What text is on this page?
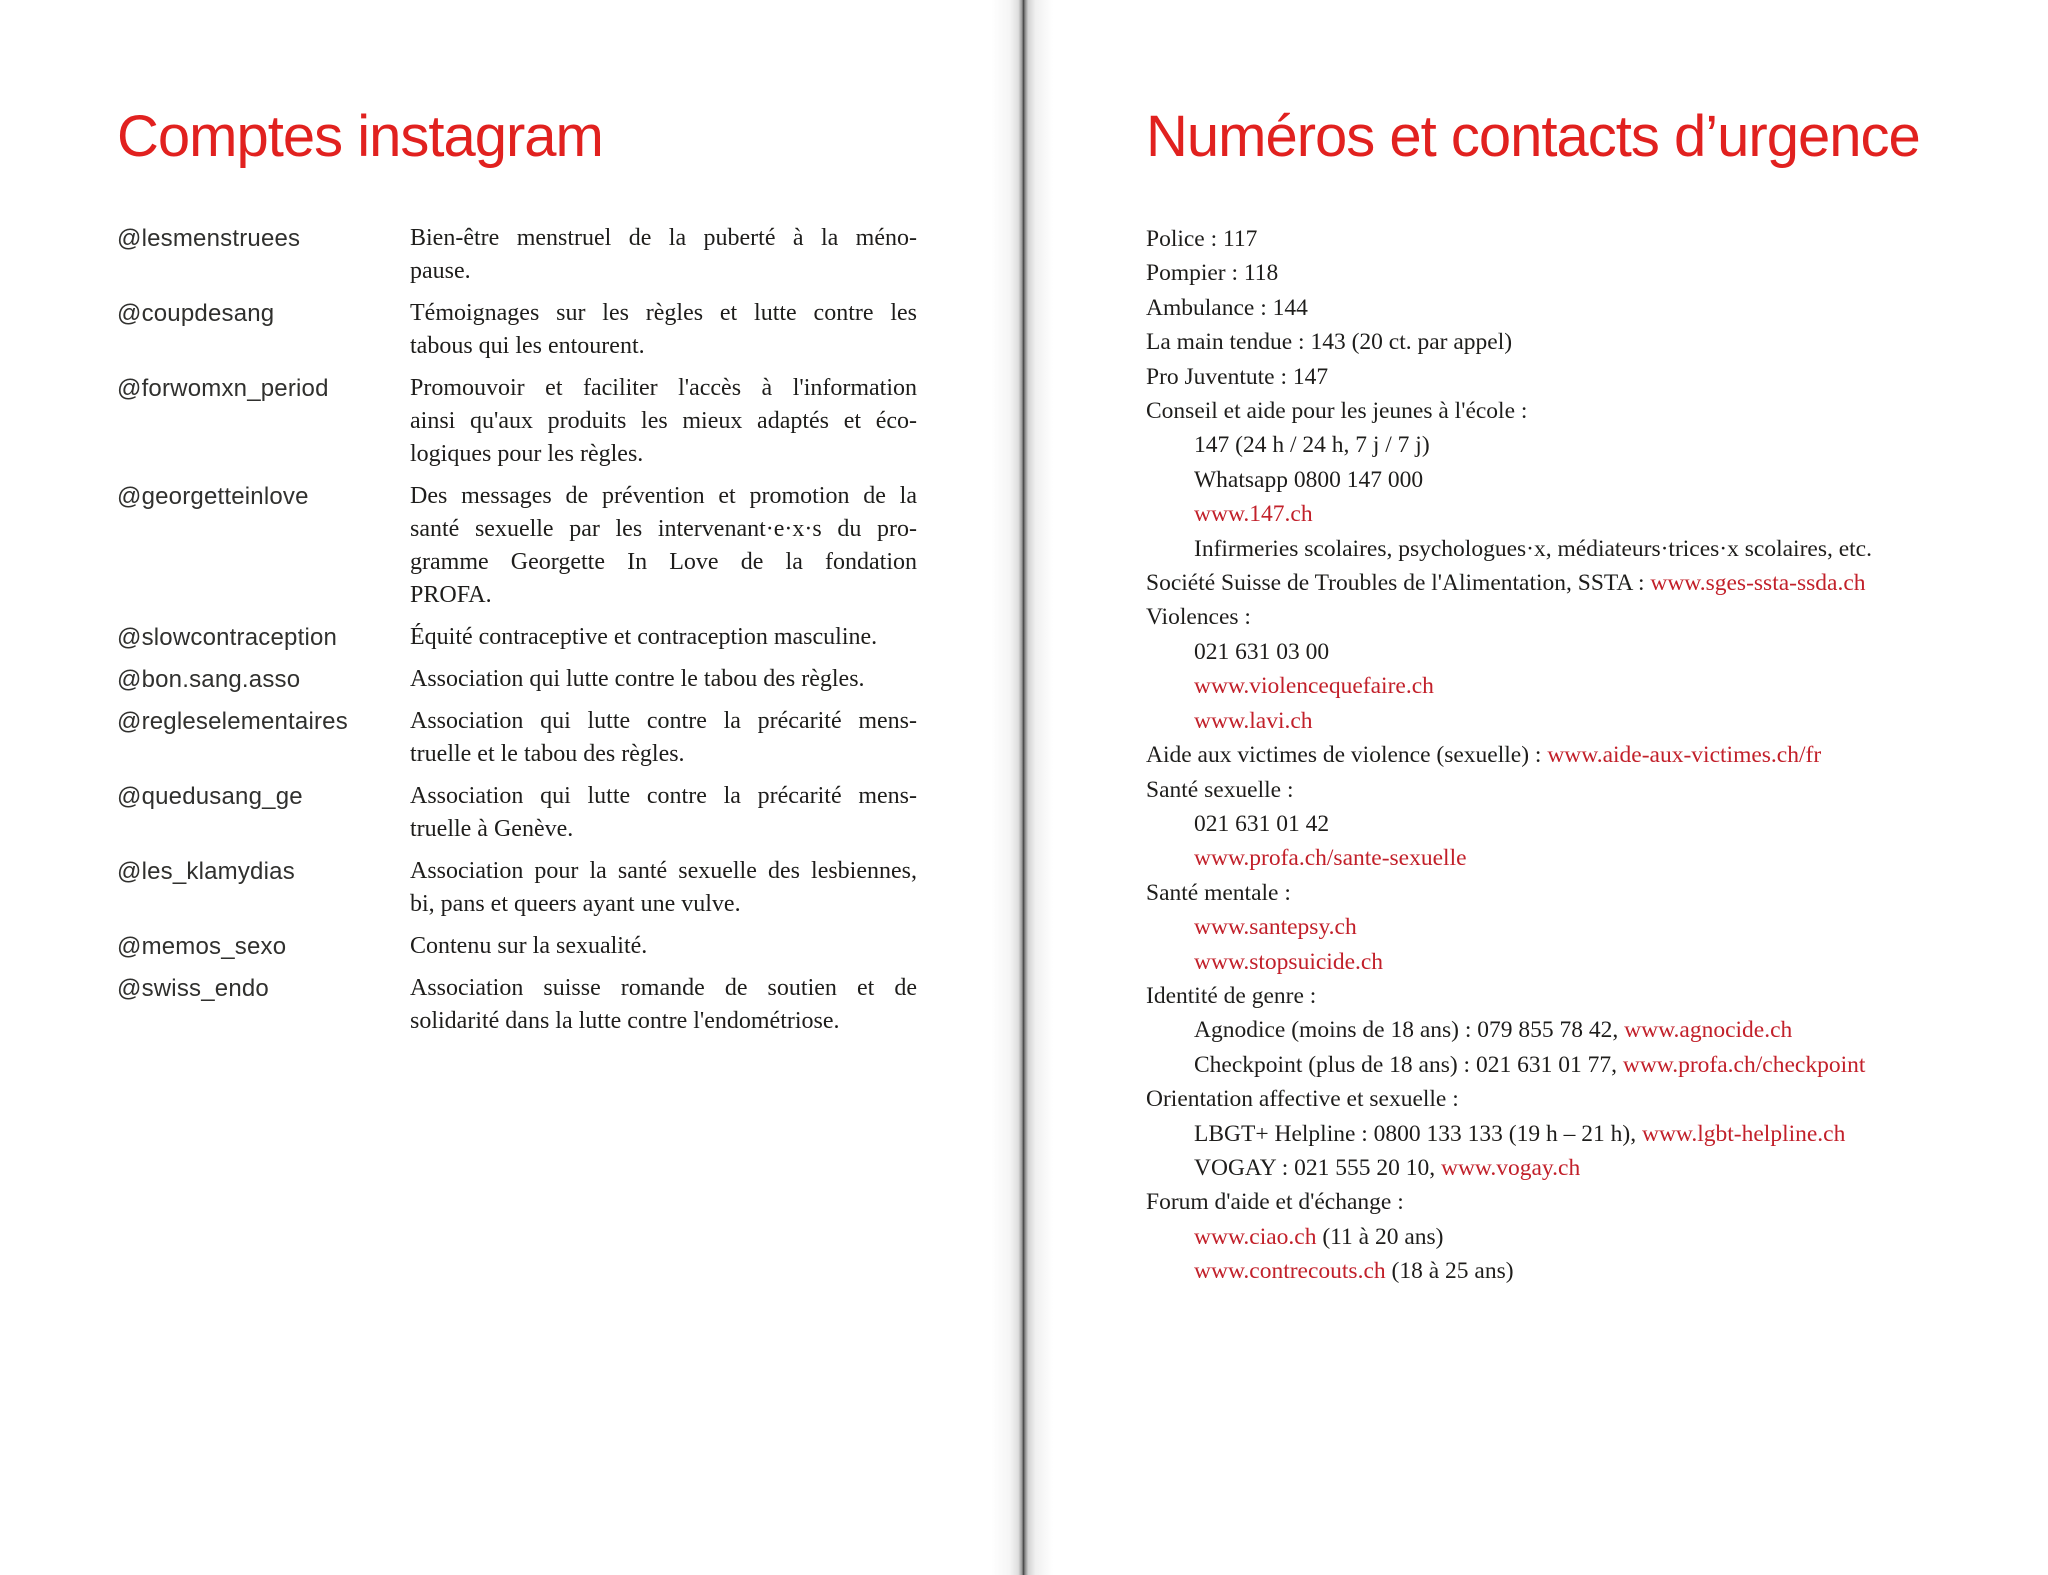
Comptes instagram
@lesmenstruees	Bien-être menstruel de la puberté à la méno-
pause.
@coupdesang	Témoignages sur les règles et lutte contre les
tabous qui les entourent.
@forwomxn_period	Promouvoir et faciliter l'accès à l'information
ainsi qu'aux produits les mieux adaptés et éco-
logiques pour les règles.
@georgetteinlove	Des messages de prévention et promotion de la
santé sexuelle par les intervenant·e·x·s du pro-
gramme Georgette In Love de la fondation
PROFA.
@slowcontraception	Équité contraceptive et contraception masculine.
@bon.sang.asso	Association qui lutte contre le tabou des règles.
@regleselementaires	Association qui lutte contre la précarité mens-
truelle et le tabou des règles.
@quedusang_ge	Association qui lutte contre la précarité mens-
truelle à Genève.
@les_klamydias	Association pour la santé sexuelle des lesbiennes,
bi, pans et queers ayant une vulve.
@memos_sexo	Contenu sur la sexualité.
@swiss_endo	Association suisse romande de soutien et de
solidarité dans la lutte contre l'endométriose.
Numéros et contacts d’urgence
Police : 117
Pompier : 118
Ambulance : 144
La main tendue : 143 (20 ct. par appel)
Pro Juventute : 147
Conseil et aide pour les jeunes à l'école :
147 (24 h / 24 h, 7 j / 7 j)
Whatsapp 0800 147 000
www.147.ch
Infirmeries scolaires, psychologues·x, médiateurs·trices·x scolaires, etc.
Société Suisse de Troubles de l'Alimentation, SSTA : www.sges-ssta-ssda.ch
Violences :
021 631 03 00
www.violencequefaire.ch
www.lavi.ch
Aide aux victimes de violence (sexuelle) : www.aide-aux-victimes.ch/fr
Santé sexuelle :
021 631 01 42
www.profa.ch/sante-sexuelle
Santé mentale :
www.santepsy.ch
www.stopsuicide.ch
Identité de genre :
Agnodice (moins de 18 ans) : 079 855 78 42, www.agnocide.ch
Checkpoint (plus de 18 ans) : 021 631 01 77, www.profa.ch/checkpoint
Orientation affective et sexuelle :
LBGT+ Helpline : 0800 133 133 (19 h – 21 h), www.lgbt-helpline.ch
VOGAY : 021 555 20 10, www.vogay.ch
Forum d'aide et d'échange :
www.ciao.ch (11 à 20 ans)
www.contrecouts.ch (18 à 25 ans)
